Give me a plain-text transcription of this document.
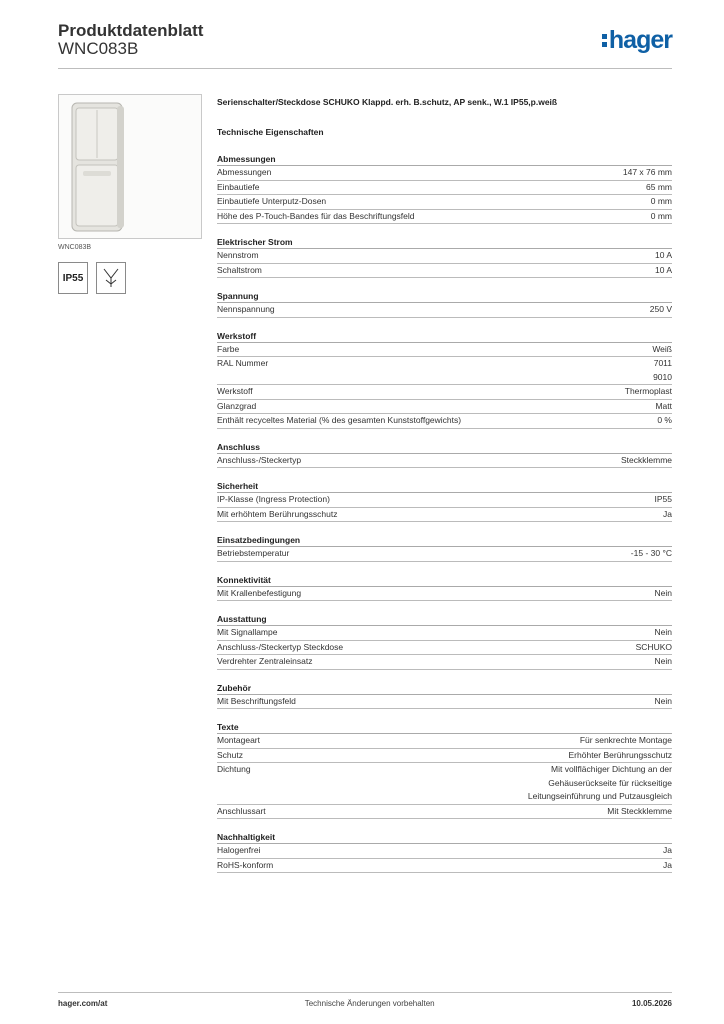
Produktdatenblatt
WNC083B	hager
WNC083B
IP55
Serienschalter/Steckdose SCHUKO Klappd. erh. B.schutz, AP senk., W.1 IP55,p.weiß
Technische Eigenschaften
Abmessungen
Abmessungen	147 x 76 mm
Einbautiefe	65 mm
Einbautiefe Unterputz-Dosen	0 mm
Höhe des P-Touch-Bandes für das Beschriftungsfeld	0 mm
Elektrischer Strom
Nennstrom	10 A
Schaltstrom	10 A
Spannung
Nennspannung	250 V
Werkstoff
Farbe	Weiß
RAL Nummer	7011
9010
Werkstoff	Thermoplast
Glanzgrad	Matt
Enthält recyceltes Material (% des gesamten Kunststoffgewichts)	0 %
Anschluss
Anschluss-/Steckertyp	Steckklemme
Sicherheit
IP-Klasse (Ingress Protection)	IP55
Mit erhöhtem Berührungsschutz	Ja
Einsatzbedingungen
Betriebstemperatur	-15 - 30 °C
Konnektivität
Mit Krallenbefestigung	Nein
Ausstattung
Mit Signallampe	Nein
Anschluss-/Steckertyp Steckdose	SCHUKO
Verdrehter Zentraleinsatz	Nein
Zubehör
Mit Beschriftungsfeld	Nein
Texte
Montageart	Für senkrechte Montage
Schutz	Erhöhter Berührungsschutz
Dichtung	Mit vollflächiger Dichtung an der
Gehäuserückseite für rückseitige
Leitungseinführung und Putzausgleich
Anschlussart	Mit Steckklemme
Nachhaltigkeit
Halogenfrei	Ja
RoHS-konform	Ja
hager.com/at	Technische Änderungen vorbehalten	10.05.2026
